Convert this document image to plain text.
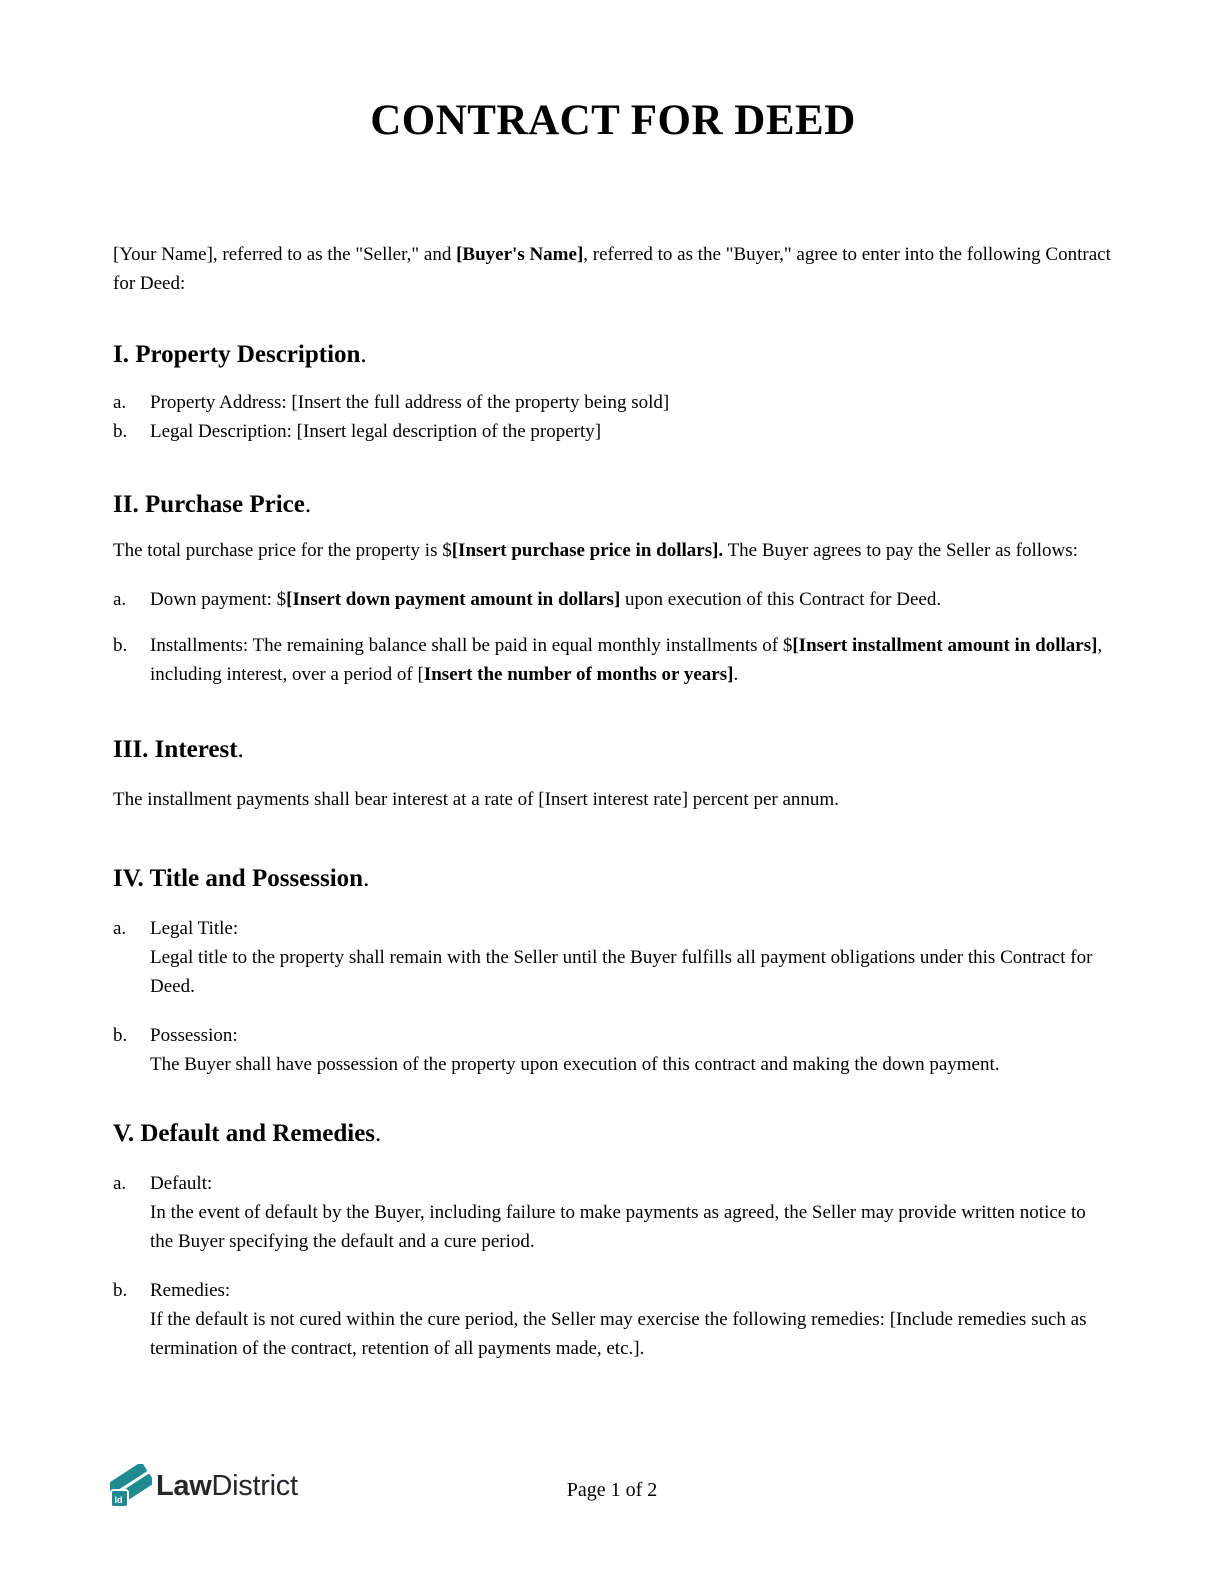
CONTRACT FOR DEED

[Your Name], referred to as the "Seller," and [Buyer's Name], referred to as the "Buyer," agree to enter into the following Contract for Deed:

I. Property Description.
a.	Property Address: [Insert the full address of the property being sold]
b.	Legal Description: [Insert legal description of the property]
II. Purchase Price.

The total purchase price for the property is $[Insert purchase price in dollars]. The Buyer agrees to pay the Seller as follows:

a.	Down payment: $[Insert down payment amount in dollars] upon execution of this Contract for Deed.
b.	Installments: The remaining balance shall be paid in equal monthly installments of $[Insert installment amount in dollars], including interest, over a period of [Insert the number of months or years].
III. Interest.

The installment payments shall bear interest at a rate of [Insert interest rate] percent per annum.

IV. Title and Possession.
a.	Legal Title:
Legal title to the property shall remain with the Seller until the Buyer fulfills all payment obligations under this Contract for Deed.
b.	Possession:
The Buyer shall have possession of the property upon execution of this contract and making the down payment.
V. Default and Remedies.
a.	Default:
In the event of default by the Buyer, including failure to make payments as agreed, the Seller may provide written notice to the Buyer specifying the default and a cure period.
b.	Remedies:
If the default is not cured within the cure period, the Seller may exercise the following remedies: [Include remedies such as termination of the contract, retention of all payments made, etc.].
ld LawDistrict	Page 1 of 2
